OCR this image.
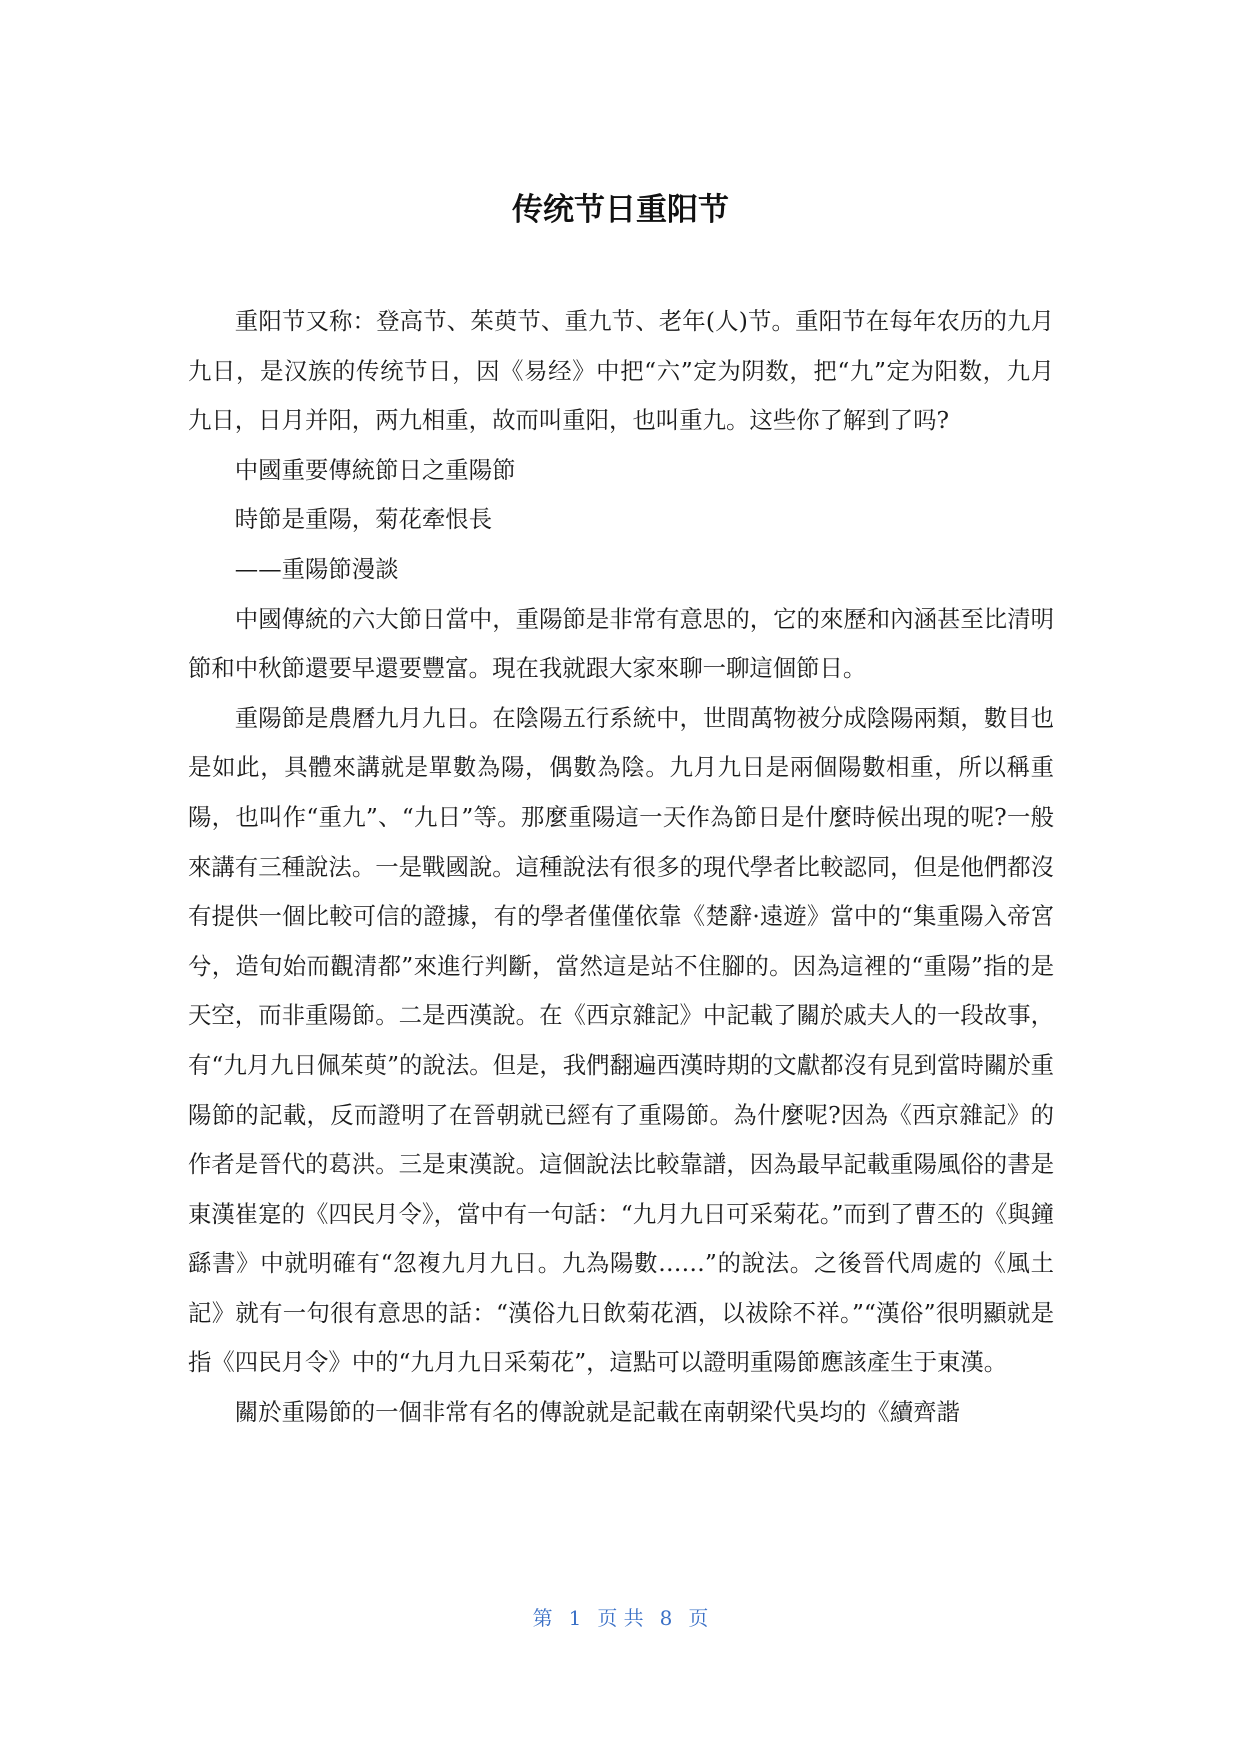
传统节日重阳节

重阳节又称：登高节、茱萸节、重九节、老年(人)节。重阳节在每年农历的九月九日，是汉族的传统节日，因《易经》中把“六”定为阴数，把“九”定为阳数，九月九日，日月并阳，两九相重，故而叫重阳，也叫重九。这些你了解到了吗?

中國重要傳統節日之重陽節

時節是重陽，菊花牽恨長

——重陽節漫談

中國傳統的六大節日當中，重陽節是非常有意思的，它的來歷和內涵甚至比清明節和中秋節還要早還要豐富。現在我就跟大家來聊一聊這個節日。

重陽節是農曆九月九日。在陰陽五行系統中，世間萬物被分成陰陽兩類，數目也是如此，具體來講就是單數為陽，偶數為陰。九月九日是兩個陽數相重，所以稱重陽，也叫作“重九”、“九日”等。那麼重陽這一天作為節日是什麼時候出現的呢?一般來講有三種說法。一是戰國說。這種說法有很多的現代學者比較認同，但是他們都沒有提供一個比較可信的證據，有的學者僅僅依靠《楚辭·遠遊》當中的“集重陽入帝宮兮，造旬始而觀清都”來進行判斷，當然這是站不住腳的。因為這裡的“重陽”指的是天空，而非重陽節。二是西漢說。在《西京雜記》中記載了關於戚夫人的一段故事，有“九月九日佩茱萸”的說法。但是，我們翻遍西漢時期的文獻都沒有見到當時關於重陽節的記載，反而證明了在晉朝就已經有了重陽節。為什麼呢?因為《西京雜記》的作者是晉代的葛洪。三是東漢說。這個說法比較靠譜，因為最早記載重陽風俗的書是東漢崔寔的《四民月令》，當中有一句話：“九月九日可采菊花。”而到了曹丕的《與鐘繇書》中就明確有“忽複九月九日。九為陽數……”的說法。之後晉代周處的《風土記》就有一句很有意思的話：“漢俗九日飲菊花酒，以祓除不祥。”“漢俗”很明顯就是指《四民月令》中的“九月九日采菊花”，這點可以證明重陽節應該產生于東漢。

關於重陽節的一個非常有名的傳說就是記載在南朝梁代吳均的《續齊諧

第 1 页 共 8 页
